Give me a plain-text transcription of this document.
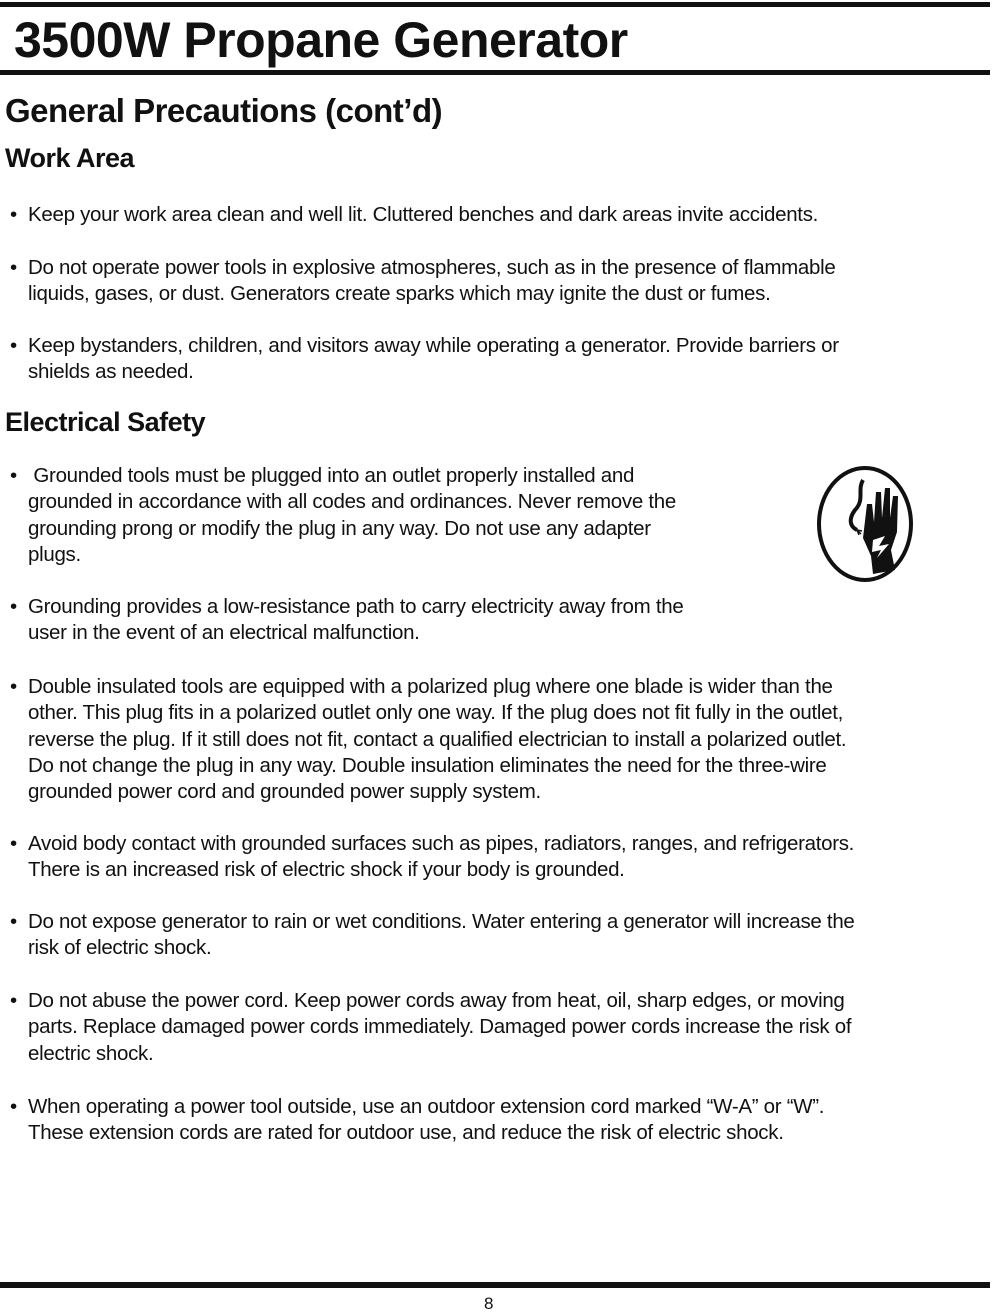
3500W Propane Generator
General Precautions (cont’d)
Work Area
• Keep your work area clean and well lit. Cluttered benches and dark areas invite accidents.
• Do not operate power tools in explosive atmospheres, such as in the presence of flammable
liquids, gases, or dust. Generators create sparks which may ignite the dust or fumes.
• Keep bystanders, children, and visitors away while operating a generator. Provide barriers or
shields as needed.
Electrical Safety
• Grounded tools must be plugged into an outlet properly installed and
grounded in accordance with all codes and ordinances. Never remove the
grounding prong or modify the plug in any way. Do not use any adapter
plugs.
• Grounding provides a low-resistance path to carry electricity away from the
user in the event of an electrical malfunction.
• Double insulated tools are equipped with a polarized plug where one blade is wider than the
other. This plug fits in a polarized outlet only one way. If the plug does not fit fully in the outlet,
reverse the plug. If it still does not fit, contact a qualified electrician to install a polarized outlet.
Do not change the plug in any way. Double insulation eliminates the need for the three-wire
grounded power cord and grounded power supply system.
• Avoid body contact with grounded surfaces such as pipes, radiators, ranges, and refrigerators.
There is an increased risk of electric shock if your body is grounded.
• Do not expose generator to rain or wet conditions. Water entering a generator will increase the
risk of electric shock.
• Do not abuse the power cord. Keep power cords away from heat, oil, sharp edges, or moving
parts. Replace damaged power cords immediately. Damaged power cords increase the risk of
electric shock.
• When operating a power tool outside, use an outdoor extension cord marked “W-A” or “W”.
These extension cords are rated for outdoor use, and reduce the risk of electric shock.
8
